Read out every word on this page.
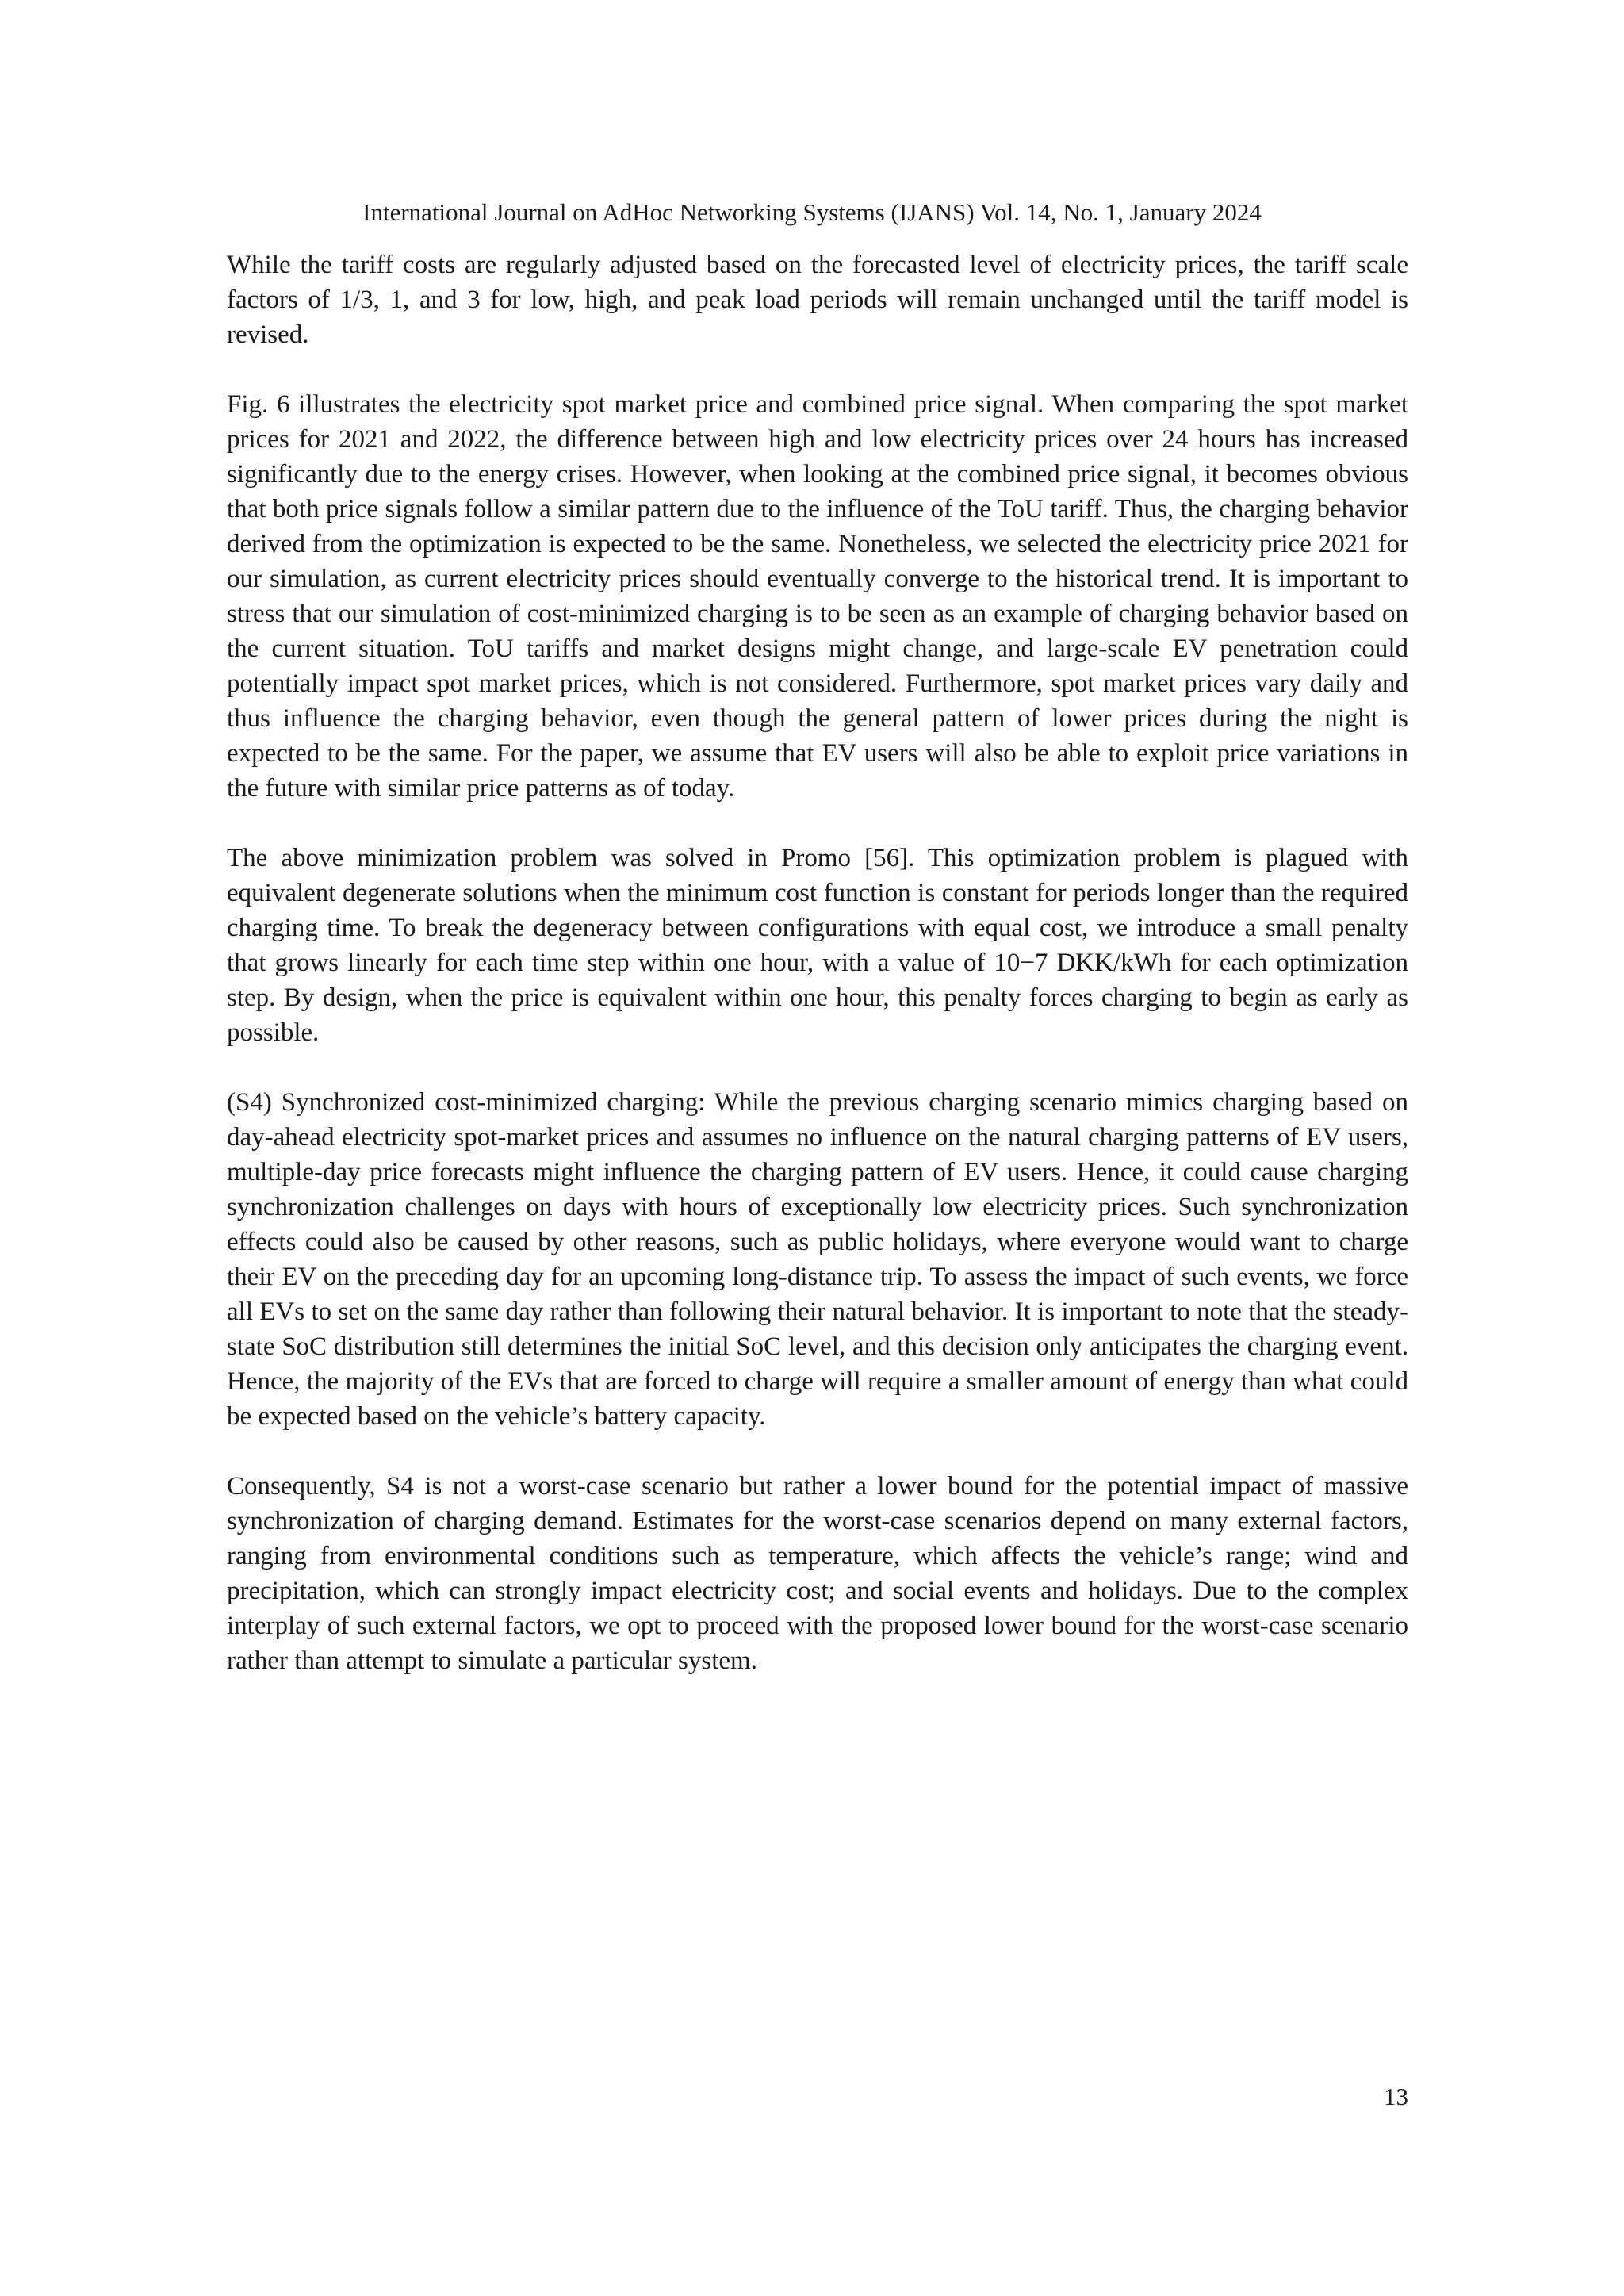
International Journal on AdHoc Networking Systems (IJANS) Vol. 14, No. 1, January 2024

While the tariff costs are regularly adjusted based on the forecasted level of electricity prices, the tariff scale factors of 1/3, 1, and 3 for low, high, and peak load periods will remain unchanged until the tariff model is revised.

Fig. 6 illustrates the electricity spot market price and combined price signal. When comparing the spot market prices for 2021 and 2022, the difference between high and low electricity prices over 24 hours has increased significantly due to the energy crises. However, when looking at the combined price signal, it becomes obvious that both price signals follow a similar pattern due to the influence of the ToU tariff. Thus, the charging behavior derived from the optimization is expected to be the same. Nonetheless, we selected the electricity price 2021 for our simulation, as current electricity prices should eventually converge to the historical trend. It is important to stress that our simulation of cost-minimized charging is to be seen as an example of charging behavior based on the current situation. ToU tariffs and market designs might change, and large-scale EV penetration could potentially impact spot market prices, which is not considered. Furthermore, spot market prices vary daily and thus influence the charging behavior, even though the general pattern of lower prices during the night is expected to be the same. For the paper, we assume that EV users will also be able to exploit price variations in the future with similar price patterns as of today.

The above minimization problem was solved in Promo [56]. This optimization problem is plagued with equivalent degenerate solutions when the minimum cost function is constant for periods longer than the required charging time. To break the degeneracy between configurations with equal cost, we introduce a small penalty that grows linearly for each time step within one hour, with a value of 10−7 DKK/kWh for each optimization step. By design, when the price is equivalent within one hour, this penalty forces charging to begin as early as possible.

(S4) Synchronized cost-minimized charging: While the previous charging scenario mimics charging based on day-ahead electricity spot-market prices and assumes no influence on the natural charging patterns of EV users, multiple-day price forecasts might influence the charging pattern of EV users. Hence, it could cause charging synchronization challenges on days with hours of exceptionally low electricity prices. Such synchronization effects could also be caused by other reasons, such as public holidays, where everyone would want to charge their EV on the preceding day for an upcoming long-distance trip. To assess the impact of such events, we force all EVs to set on the same day rather than following their natural behavior. It is important to note that the steady-state SoC distribution still determines the initial SoC level, and this decision only anticipates the charging event. Hence, the majority of the EVs that are forced to charge will require a smaller amount of energy than what could be expected based on the vehicle’s battery capacity.

Consequently, S4 is not a worst-case scenario but rather a lower bound for the potential impact of massive synchronization of charging demand. Estimates for the worst-case scenarios depend on many external factors, ranging from environmental conditions such as temperature, which affects the vehicle’s range; wind and precipitation, which can strongly impact electricity cost; and social events and holidays. Due to the complex interplay of such external factors, we opt to proceed with the proposed lower bound for the worst-case scenario rather than attempt to simulate a particular system.

13
